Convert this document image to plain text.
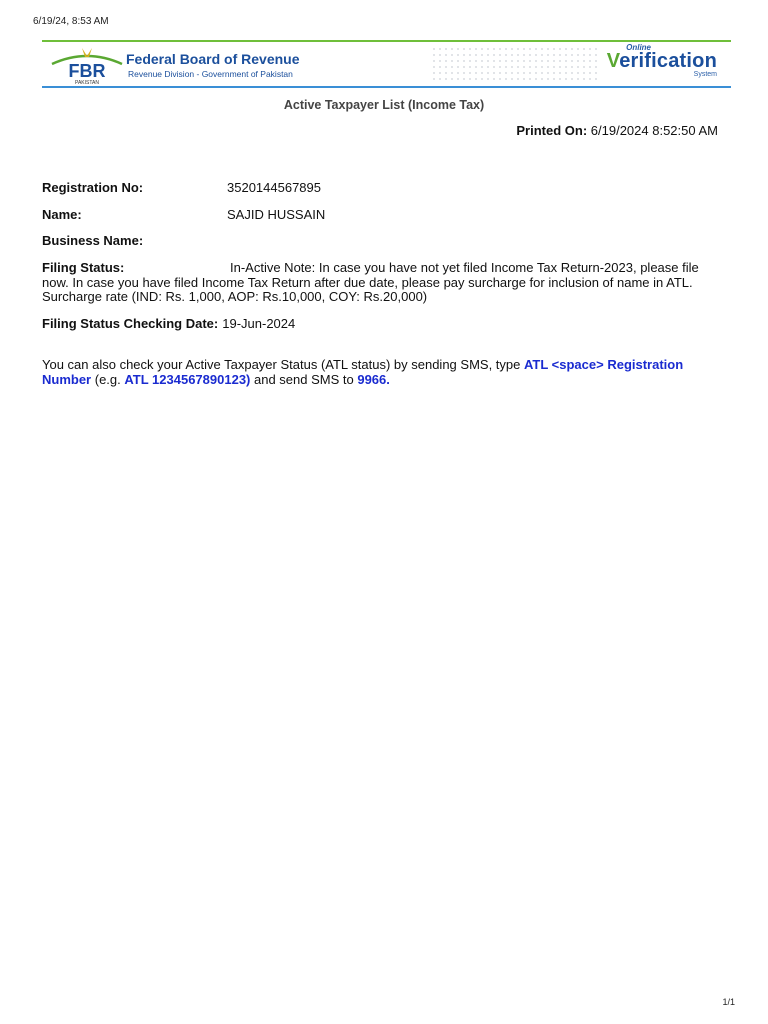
6/19/24, 8:53 AM
FBR
PAKISTAN
Federal Board of Revenue
Revenue Division - Government of Pakistan
Online
Verification
System
Active Taxpayer List (Income Tax)
Printed On: 6/19/2024 8:52:50 AM
Registration No:	3520144567895
Name:	SAJID HUSSAIN
Business Name:
Filing Status:	In-Active Note: In case you have not yet filed Income Tax Return-2023, please file now. In case you have filed Income Tax Return after due date, please pay surcharge for inclusion of name in ATL. Surcharge rate (IND: Rs. 1,000, AOP: Rs.10,000, COY: Rs.20,000)
Filing Status Checking Date: 19-Jun-2024
You can also check your Active Taxpayer Status (ATL status) by sending SMS, type ATL <space> Registration Number (e.g. ATL 1234567890123) and send SMS to 9966.
1/1
